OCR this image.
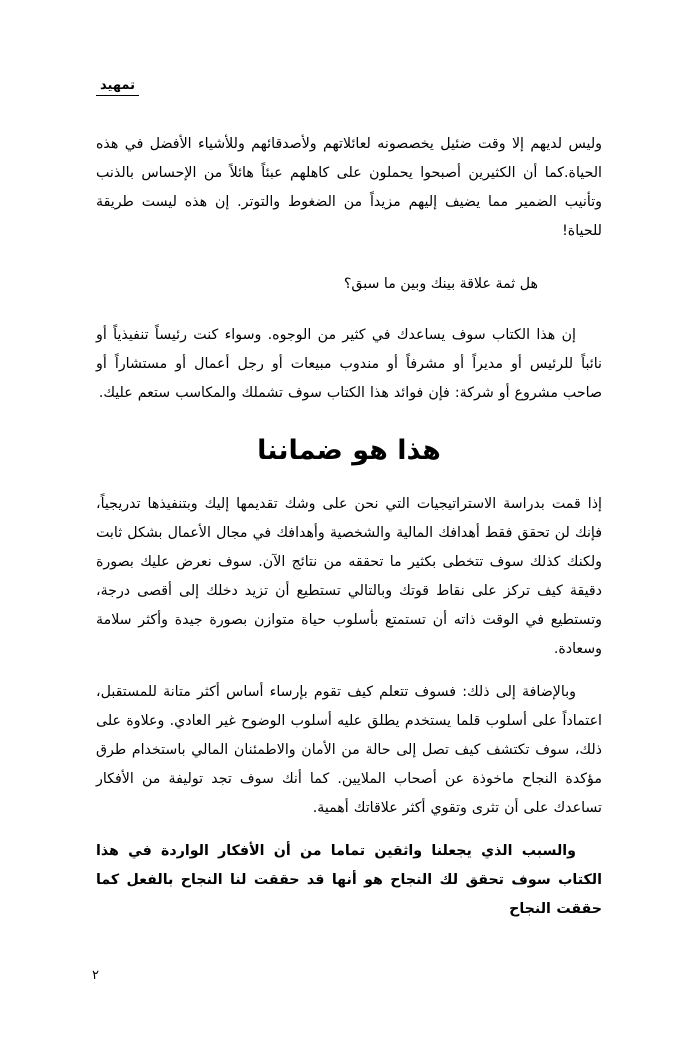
تمهيد

وليس لديهم إلا وقت ضئيل يخصصونه لعائلاتهم ولأصدقائهم وللأشياء الأفضل في هذه الحياة.كما أن الكثيرين أصبحوا يحملون على كاهلهم عبئاً هائلاً من الإحساس بالذنب وتأنيب الضمير مما يضيف إليهم مزيداً من الضغوط والتوتر. إن هذه ليست طريقة للحياة!

هل ثمة علاقة بينك وبين ما سبق؟

إن هذا الكتاب سوف يساعدك في كثير من الوجوه. وسواء كنت رئيساً تنفيذياً أو نائباً للرئيس أو مديراً أو مشرفاً أو مندوب مبيعات أو رجل أعمال أو مستشاراً أو صاحب مشروع أو شركة: فإن فوائد هذا الكتاب سوف تشملك والمكاسب ستعم عليك.

هذا هو ضماننا

إذا قمت بدراسة الاستراتيجيات التي نحن على وشك تقديمها إليك وبتنفيذها تدريجياً، فإنك لن تحقق فقط أهدافك المالية والشخصية وأهدافك في مجال الأعمال بشكل ثابت ولكنك كذلك سوف تتخطى بكثير ما تحققه من نتائج الآن. سوف نعرض عليك بصورة دقيقة كيف تركز على نقاط قوتك وبالتالي تستطيع أن تزيد دخلك إلى أقصى درجة، وتستطيع في الوقت ذاته أن تستمتع بأسلوب حياة متوازن بصورة جيدة وأكثر سلامة وسعادة.

وبالإضافة إلى ذلك: فسوف تتعلم كيف تقوم بإرساء أساس أكثر متانة للمستقبل، اعتماداً على أسلوب قلما يستخدم يطلق عليه أسلوب الوضوح غير العادي. وعلاوة على ذلك، سوف تكتشف كيف تصل إلى حالة من الأمان والاطمئنان المالي باستخدام طرق مؤكدة النجاح ماخوذة عن أصحاب الملايين. كما أنك سوف تجد توليفة من الأفكار تساعدك على أن تثرى وتقوي أكثر علاقاتك أهمية.

والسبب الذي يجعلنا واثقين تماما من أن الأفكار الواردة في هذا الكتاب سوف تحقق لك النجاح هو أنها قد حققت لنا النجاح بالفعل كما حققت النجاح

٢
